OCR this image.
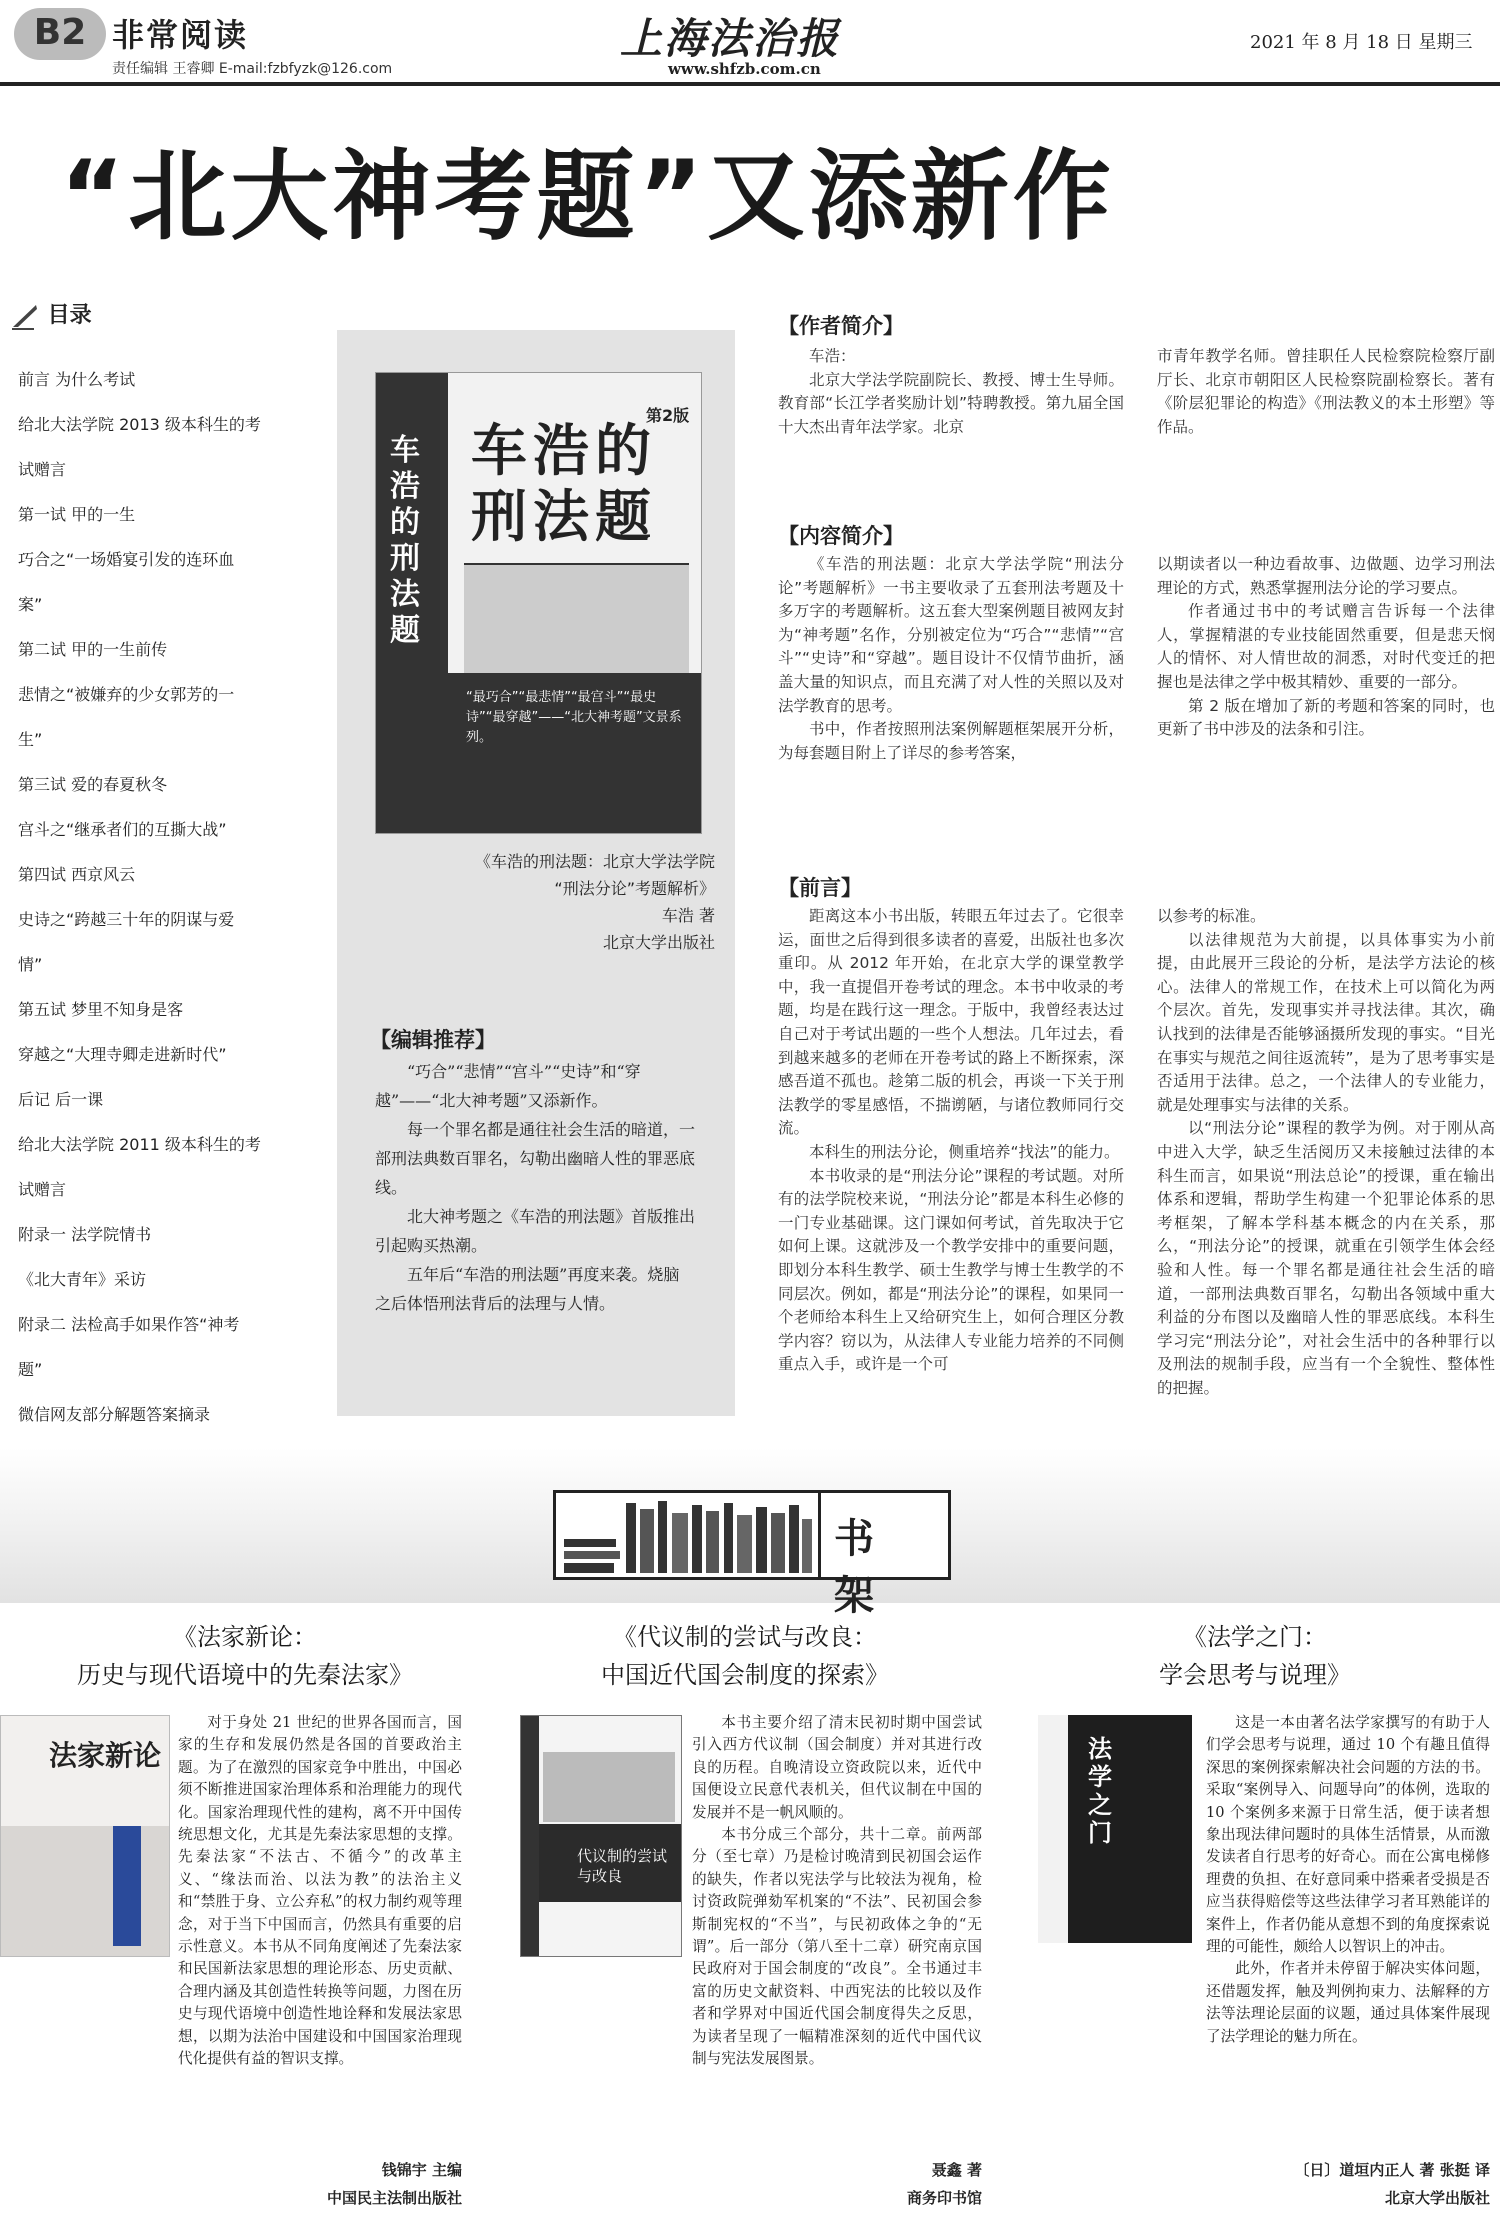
B2 非常阅读
责任编辑 王睿卿 E-mail:fzbfyzk@126.com
上海法治报
www.shfzb.com.cn
2021 年 8 月 18 日 星期三
“北大神考题”又添新作
目录
前言 为什么考试
给北大法学院 2013 级本科生的考
试赠言
第一试 甲的一生
巧合之“一场婚宴引发的连环血
案”
第二试 甲的一生前传
悲情之“被嫌弃的少女郭芳的一
生”
第三试 爱的春夏秋冬
宫斗之“继承者们的互撕大战”
第四试 西京风云
史诗之“跨越三十年的阴谋与爱
情”
第五试 梦里不知身是客
穿越之“大理寺卿走进新时代”
后记 后一课
给北大法学院 2011 级本科生的考
试赠言
附录一 法学院情书
《北大青年》采访
附录二 法检高手如果作答“神考
题”
微信网友部分解题答案摘录
车浩的刑法题
第2版
车浩的刑法题
“最巧合”“最悲情”“最宫斗”“最史诗”“最穿越”——“北大神考题”文景系列。
《车浩的刑法题：北京大学法学院
“刑法分论”考题解析》
车浩 著
北京大学出版社
【编辑推荐】

“巧合”“悲情”“宫斗”“史诗”和“穿越”——“北大神考题”又添新作。

每一个罪名都是通往社会生活的暗道，一部刑法典数百罪名，勾勒出幽暗人性的罪恶底线。

北大神考题之《车浩的刑法题》首版推出引起购买热潮。

五年后“车浩的刑法题”再度来袭。烧脑之后体悟刑法背后的法理与人情。

【作者简介】

车浩：

北京大学法学院副院长、教授、博士生导师。教育部“长江学者奖励计划”特聘教授。第九届全国十大杰出青年法学家。北京

市青年教学名师。曾挂职任人民检察院检察厅副厅长、北京市朝阳区人民检察院副检察长。著有《阶层犯罪论的构造》《刑法教义的本土形塑》等作品。

【内容简介】

《车浩的刑法题：北京大学法学院“刑法分论”考题解析》一书主要收录了五套刑法考题及十多万字的考题解析。这五套大型案例题目被网友封为“神考题”名作，分别被定位为“巧合”“悲情”“宫斗”“史诗”和“穿越”。题目设计不仅情节曲折，涵盖大量的知识点，而且充满了对人性的关照以及对法学教育的思考。

书中，作者按照刑法案例解题框架展开分析，为每套题目附上了详尽的参考答案，

以期读者以一种边看故事、边做题、边学习刑法理论的方式，熟悉掌握刑法分论的学习要点。

作者通过书中的考试赠言告诉每一个法律人，掌握精湛的专业技能固然重要，但是悲天悯人的情怀、对人情世故的洞悉，对时代变迁的把握也是法律之学中极其精妙、重要的一部分。

第 2 版在增加了新的考题和答案的同时，也更新了书中涉及的法条和引注。

【前言】

距离这本小书出版，转眼五年过去了。它很幸运，面世之后得到很多读者的喜爱，出版社也多次重印。从 2012 年开始，在北京大学的课堂教学中，我一直提倡开卷考试的理念。本书中收录的考题，均是在践行这一理念。于版中，我曾经表达过自己对于考试出题的一些个人想法。几年过去，看到越来越多的老师在开卷考试的路上不断探索，深感吾道不孤也。趁第二版的机会，再谈一下关于刑法教学的零星感悟，不揣谫陋，与诸位教师同行交流。

本科生的刑法分论，侧重培养“找法”的能力。

本书收录的是“刑法分论”课程的考试题。对所有的法学院校来说，“刑法分论”都是本科生必修的一门专业基础课。这门课如何考试，首先取决于它如何上课。这就涉及一个教学安排中的重要问题，即划分本科生教学、硕士生教学与博士生教学的不同层次。例如，都是“刑法分论”的课程，如果同一个老师给本科生上又给研究生上，如何合理区分教学内容？窃以为，从法律人专业能力培养的不同侧重点入手，或许是一个可

以参考的标准。

以法律规范为大前提，以具体事实为小前提，由此展开三段论的分析，是法学方法论的核心。法律人的常规工作，在技术上可以简化为两个层次。首先，发现事实并寻找法律。其次，确认找到的法律是否能够涵摄所发现的事实。“目光在事实与规范之间往返流转”，是为了思考事实是否适用于法律。总之，一个法律人的专业能力，就是处理事实与法律的关系。

以“刑法分论”课程的教学为例。对于刚从高中进入大学，缺乏生活阅历又未接触过法律的本科生而言，如果说“刑法总论”的授课，重在输出体系和逻辑，帮助学生构建一个犯罪论体系的思考框架，了解本学科基本概念的内在关系，那么，“刑法分论”的授课，就重在引领学生体会经验和人性。每一个罪名都是通往社会生活的暗道，一部刑法典数百罪名，勾勒出各领域中重大利益的分布图以及幽暗人性的罪恶底线。本科生学习完“刑法分论”，对社会生活中的各种罪行以及刑法的规制手段，应当有一个全貌性、整体性的把握。

书架
《法家新论：
历史与现代语境中的先秦法家》
法家新论

对于身处 21 世纪的世界各国而言，国家的生存和发展仍然是各国的首要政治主题。为了在激烈的国家竞争中胜出，中国必须不断推进国家治理体系和治理能力的现代化。国家治理现代性的建构，离不开中国传统思想文化，尤其是先秦法家思想的支撑。先秦法家“不法古、不循今”的改革主义、“缘法而治、以法为教”的法治主义和“禁胜于身、立公弃私”的权力制约观等理念，对于当下中国而言，仍然具有重要的启示性意义。本书从不同角度阐述了先秦法家和民国新法家思想的理论形态、历史贡献、合理内涵及其创造性转换等问题，力图在历史与现代语境中创造性地诠释和发展法家思想，以期为法治中国建设和中国国家治理现代化提供有益的智识支撑。

钱锦宇 主编
中国民主法制出版社
《代议制的尝试与改良：
中国近代国会制度的探索》
代议制的尝试与改良

本书主要介绍了清末民初时期中国尝试引入西方代议制（国会制度）并对其进行改良的历程。自晚清设立资政院以来，近代中国便设立民意代表机关，但代议制在中国的发展并不是一帆风顺的。

本书分成三个部分，共十二章。前两部分（至七章）乃是检讨晚清到民初国会运作的缺失，作者以宪法学与比较法为视角，检讨资政院弹劾军机案的“不法”、民初国会参斯制宪权的“不当”，与民初政体之争的“无谓”。后一部分（第八至十二章）研究南京国民政府对于国会制度的“改良”。全书通过丰富的历史文献资料、中西宪法的比较以及作者和学界对中国近代国会制度得失之反思，为读者呈现了一幅精准深刻的近代中国代议制与宪法发展图景。

聂鑫 著
商务印书馆
《法学之门：
学会思考与说理》
法学之门

这是一本由著名法学家撰写的有助于人们学会思考与说理，通过 10 个有趣且值得深思的案例探索解决社会问题的方法的书。采取“案例导入、问题导向”的体例，选取的 10 个案例多来源于日常生活，便于读者想象出现法律问题时的具体生活情景，从而激发读者自行思考的好奇心。而在公寓电梯修理费的负担、在好意同乘中搭乘者受损是否应当获得赔偿等这些法律学习者耳熟能详的案件上，作者仍能从意想不到的角度探索说理的可能性，颇给人以智识上的冲击。

此外，作者并未停留于解决实体问题，还借题发挥，触及判例拘束力、法解释的方法等法理论层面的议题，通过具体案件展现了法学理论的魅力所在。

〔日〕道垣内正人 著 张挺 译
北京大学出版社
